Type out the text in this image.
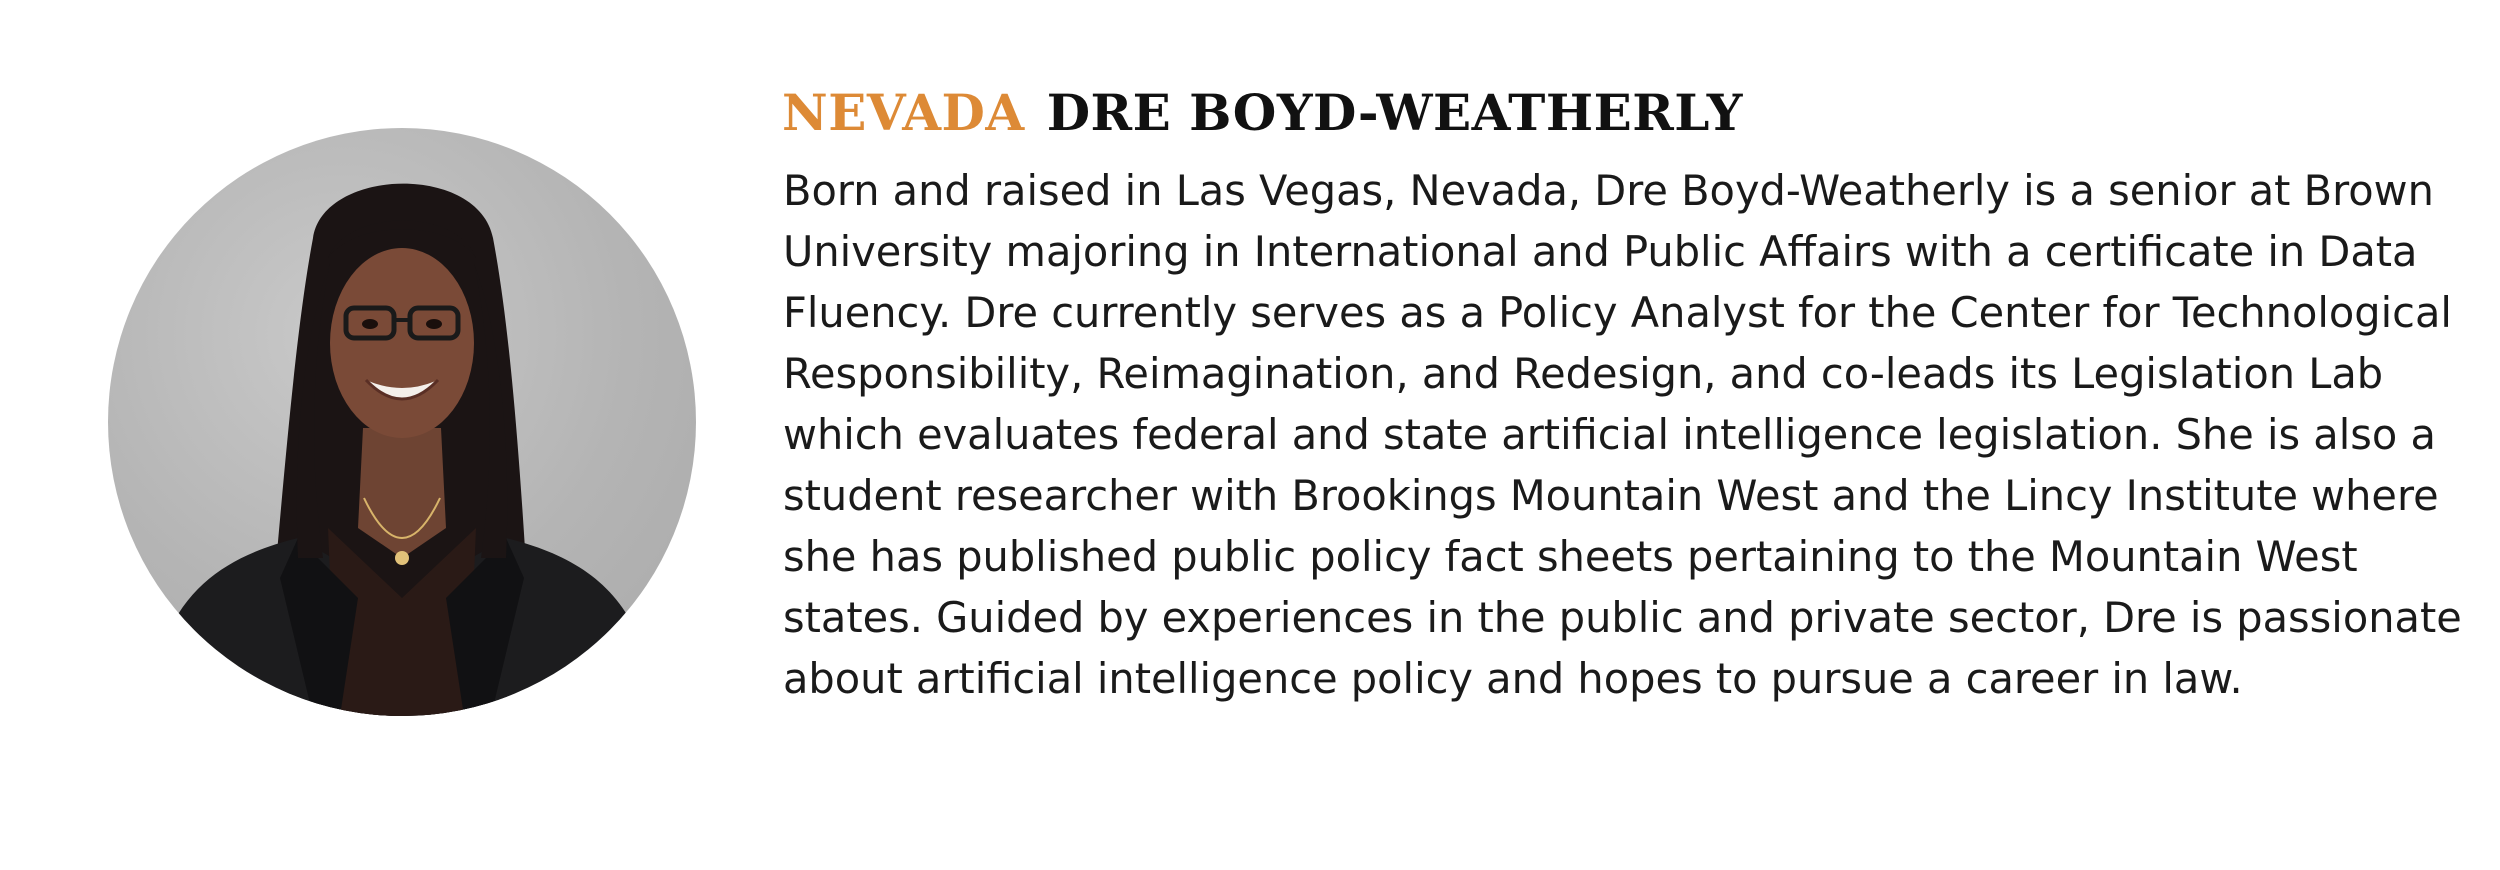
NEVADA DRE BOYD-WEATHERLY

Born and raised in Las Vegas, Nevada, Dre Boyd-Weatherly is a senior at Brown University majoring in International and Public Affairs with a certificate in Data Fluency. Dre currently serves as a Policy Analyst for the Center for Technological Responsibility, Reimagination, and Redesign, and co-leads its Legislation Lab which evaluates federal and state artificial intelligence legislation. She is also a student researcher with Brookings Mountain West and the Lincy Institute where she has published public policy fact sheets pertaining to the Mountain West states. Guided by experiences in the public and private sector, Dre is passionate about artificial intelligence policy and hopes to pursue a career in law.
